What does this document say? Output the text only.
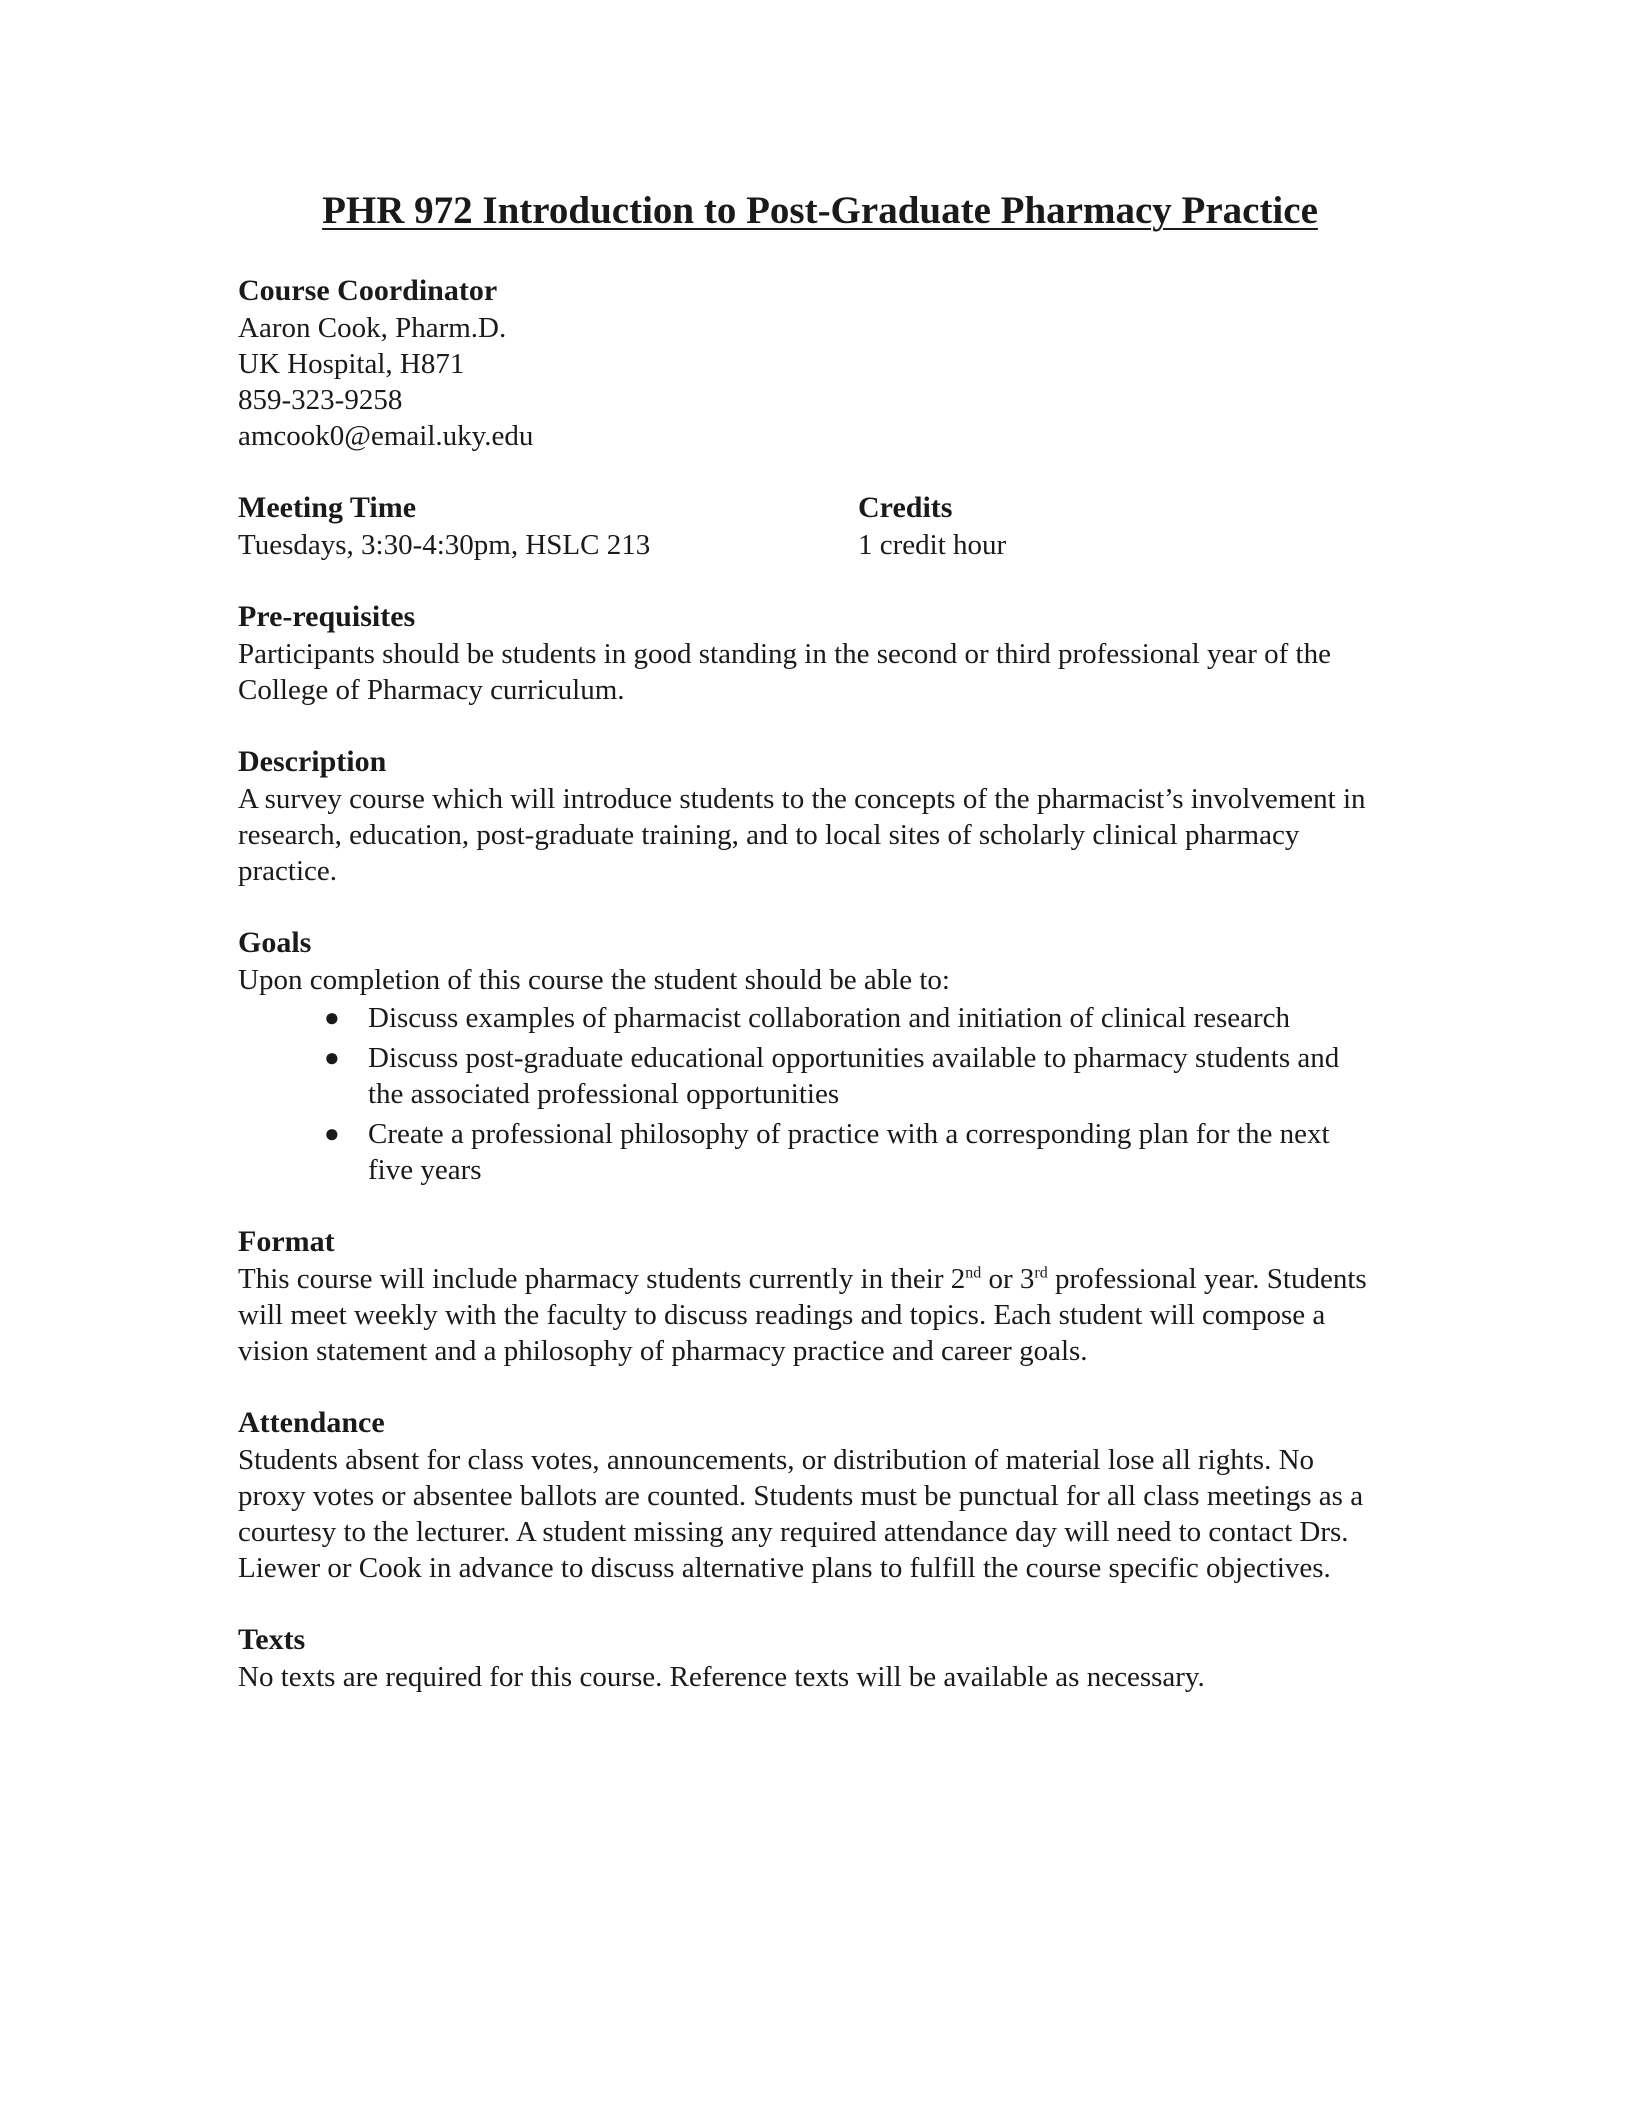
PHR 972 Introduction to Post-Graduate Pharmacy Practice

Course Coordinator

Aaron Cook, Pharm.D.

UK Hospital, H871

859-323-9258

amcook0@email.uky.edu

Meeting Time

Tuesdays, 3:30-4:30pm, HSLC 213

Credits

1 credit hour

Pre-requisites

Participants should be students in good standing in the second or third professional year of the College of Pharmacy curriculum.

Description

A survey course which will introduce students to the concepts of the pharmacist’s involvement in research, education, post-graduate training, and to local sites of scholarly clinical pharmacy practice.

Goals

Upon completion of this course the student should be able to:

● Discuss examples of pharmacist collaboration and initiation of clinical research
● Discuss post-graduate educational opportunities available to pharmacy students and the associated professional opportunities
● Create a professional philosophy of practice with a corresponding plan for the next five years

Format

This course will include pharmacy students currently in their 2nd or 3rd professional year. Students will meet weekly with the faculty to discuss readings and topics. Each student will compose a vision statement and a philosophy of pharmacy practice and career goals.

Attendance

Students absent for class votes, announcements, or distribution of material lose all rights. No proxy votes or absentee ballots are counted. Students must be punctual for all class meetings as a courtesy to the lecturer. A student missing any required attendance day will need to contact Drs. Liewer or Cook in advance to discuss alternative plans to fulfill the course specific objectives.

Texts

No texts are required for this course. Reference texts will be available as necessary.
